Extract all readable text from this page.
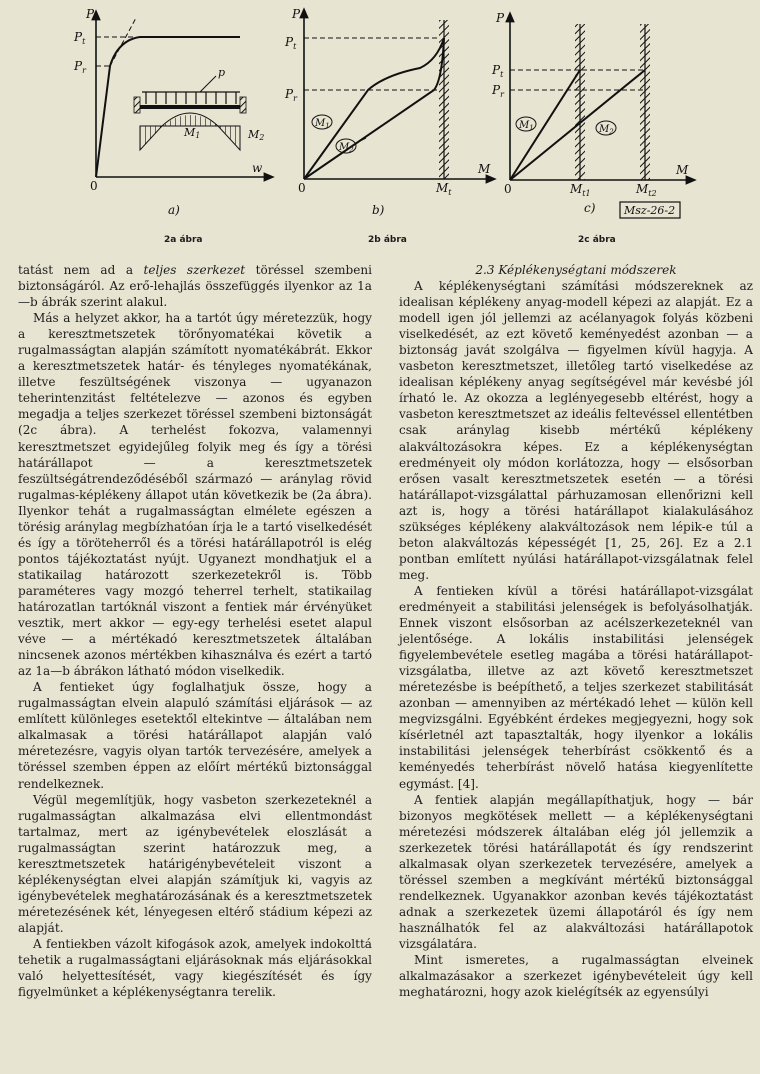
P
$P_t$
$P_r$
0
w
p
M1	M2
a)
P
$P_t$
$P_r$
0
M
$M_t$
$M_1$
$M_2$
b)
P
$P_t$
$P_r$
0
M
$M_{t1}$	$M_{t2}$
$M_1$	$M_2$
c)	Msz-26-2
2a ábra	2b ábra	2c ábra

tatást nem ad a teljes szerkezet töréssel szembeni biztonságáról. Az erő-lehajlás összefüggés ilyenkor az 1a—b ábrák szerint alakul.

Más a helyzet akkor, ha a tartót úgy méretezzük, hogy a keresztmetszetek törőnyomatékai követik a rugalmasságtan alapján számított nyomatékábrát. Ekkor a keresztmetszetek határ- és tényleges nyomatékának, illetve feszültségének viszonya — ugyanazon teherintenzitást feltételezve — azonos és egyben megadja a teljes szerkezet töréssel szembeni biztonságát (2c ábra). A terhelést fokozva, valamennyi keresztmetszet egyidejűleg folyik meg és így a törési határállapot — a keresztmetszetek feszültségátrendeződéséből származó — aránylag rövid rugalmas-képlékeny állapot után következik be (2a ábra). Ilyenkor tehát a rugalmasságtan elmélete egészen a törésig aránylag megbízhatóan írja le a tartó viselkedését és így a töröteherről és a törési határállapotról is elég pontos tájékoztatást nyújt. Ugyanezt mondhatjuk el a statikailag határozott szerkezetekről is. Több paraméteres vagy mozgó teherrel terhelt, statikailag határozatlan tartóknál viszont a fentiek már érvényüket vesztik, mert akkor — egy-egy terhelési esetet alapul véve — a mértékadó keresztmetszetek általában nincsenek azonos mértékben kihasználva és ezért a tartó az 1a—b ábrákon látható módon viselkedik.

A fentieket úgy foglalhatjuk össze, hogy a rugalmasságtan elvein alapuló számítási eljárások — az említett különleges esetektől eltekintve — általában nem alkalmasak a törési határállapot alapján való méretezésre, vagyis olyan tartók tervezésére, amelyek a töréssel szemben éppen az előírt mértékű biztonsággal rendelkeznek.

Végül megemlítjük, hogy vasbeton szerkezeteknél a rugalmasságtan alkalmazása elvi ellentmondást tartalmaz, mert az igénybevételek eloszlását a rugalmasságtan szerint határozzuk meg, a keresztmetszetek határigénybevételeit viszont a képlékenységtan elvei alapján számítjuk ki, vagyis az igénybevételek meghatározásának és a keresztmetszetek méretezésének két, lényegesen eltérő stádium képezi az alapját.

A fentiekben vázolt kifogások azok, amelyek indokolttá tehetik a rugalmasságtani eljárásoknak más eljárásokkal való helyettesítését, vagy kiegészítését és így figyelmünket a képlékenységtanra terelik.

2.3 Képlékenységtani módszerek

A képlékenységtani számítási módszereknek az idealisan képlékeny anyag-modell képezi az alapját. Ez a modell igen jól jellemzi az acélanyagok folyás közbeni viselkedését, az ezt követő keményedést azonban — a biztonság javát szolgálva — figyelmen kívül hagyja. A vasbeton keresztmetszet, illetőleg tartó viselkedése az idealisan képlékeny anyag segítségével már kevésbé jól írható le. Az okozza a leglényegesebb eltérést, hogy a vasbeton keresztmetszet az ideális feltevéssel ellentétben csak aránylag kisebb mértékű képlékeny alakváltozásokra képes. Ez a képlékenységtan eredményeit oly módon korlátozza, hogy — elsősorban erősen vasalt keresztmetszetek esetén — a törési határállapot-vizsgálattal párhuzamosan ellenőrizni kell azt is, hogy a törési határállapot kialakulásához szükséges képlékeny alakváltozások nem lépik-e túl a beton alakváltozás képességét [1, 25, 26]. Ez a 2.1 pontban említett nyúlási határállapot-vizsgálatnak felel meg.

A fentieken kívül a törési határállapot-vizsgálat eredményeit a stabilitási jelenségek is befolyásolhatják. Ennek viszont elsősorban az acélszerkezeteknél van jelentősége. A lokális instabilitási jelenségek figyelembevétele esetleg magába a törési határállapot-vizsgálatba, illetve az azt követő keresztmetszet méretezésbe is beépíthető, a teljes szerkezet stabilitását azonban — amennyiben az mértékadó lehet — külön kell megvizsgálni. Egyébként érdekes megjegyezni, hogy sok kísérletnél azt tapasztalták, hogy ilyenkor a lokális instabilitási jelenségek teherbírást csökkentő és a keményedés teherbírást növelő hatása kiegyenlítette egymást. [4].

A fentiek alapján megállapíthatjuk, hogy — bár bizonyos megkötések mellett — a képlékenységtani méretezési módszerek általában elég jól jellemzik a szerkezetek törési határállapotát és így rendszerint alkalmasak olyan szerkezetek tervezésére, amelyek a töréssel szemben a megkívánt mértékű biztonsággal rendelkeznek. Ugyanakkor azonban kevés tájékoztatást adnak a szerkezetek üzemi állapotáról és így nem használhatók fel az alakváltozási határállapotok vizsgálatára.

Mint ismeretes, a rugalmasságtan elveinek alkalmazásakor a szerkezet igénybevételeit úgy kell meghatározni, hogy azok kielégítsék az egyensúlyi
